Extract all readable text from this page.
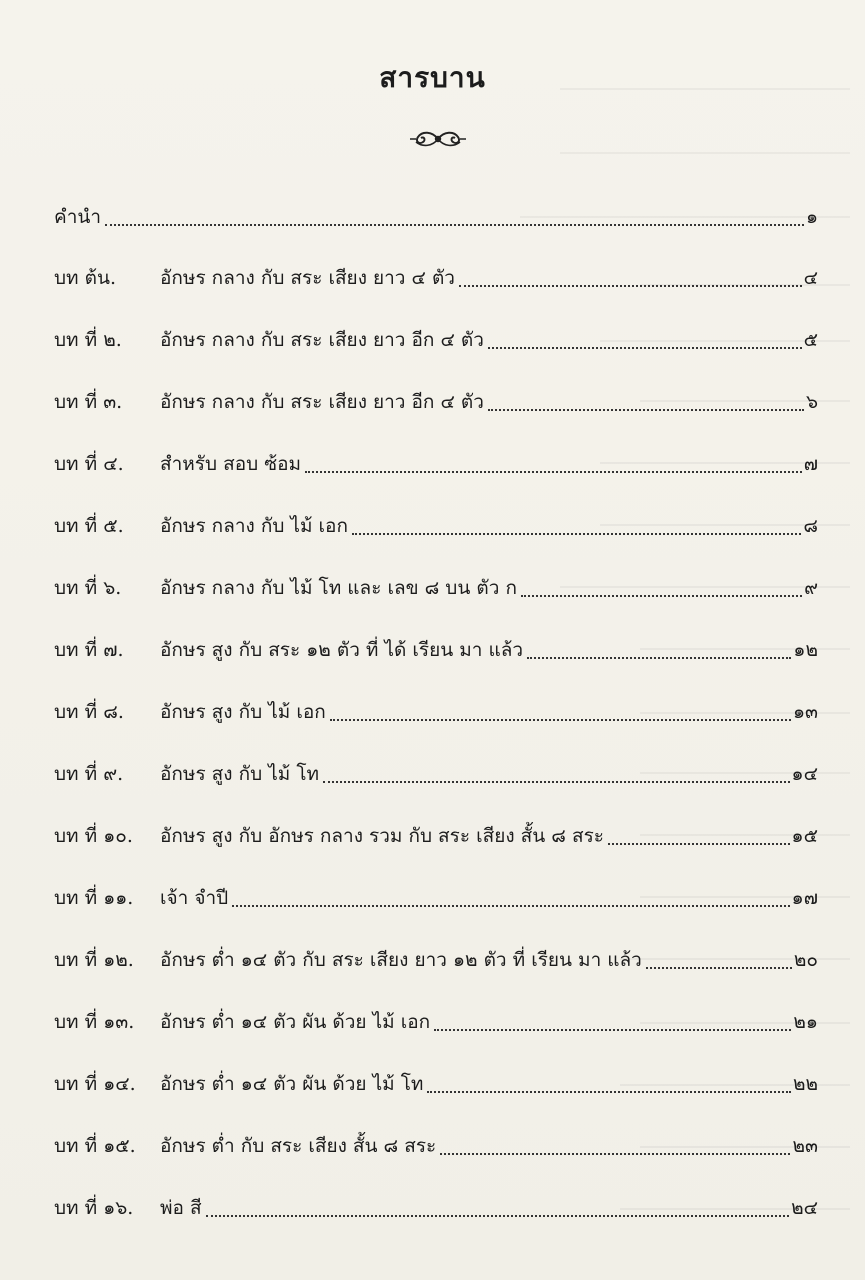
สารบาน
คำนำ	๑
บท ต้น.	อักษร กลาง กับ สระ เสียง ยาว ๔ ตัว	๔
บท ที่ ๒.	อักษร กลาง กับ สระ เสียง ยาว อีก ๔ ตัว	๕
บท ที่ ๓.	อักษร กลาง กับ สระ เสียง ยาว อีก ๔ ตัว	๖
บท ที่ ๔.	สำหรับ สอบ ซ้อม	๗
บท ที่ ๕.	อักษร กลาง กับ ไม้ เอก	๘
บท ที่ ๖.	อักษร กลาง กับ ไม้ โท และ เลข ๘ บน ตัว ก	๙
บท ที่ ๗.	อักษร สูง กับ สระ ๑๒ ตัว ที่ ได้ เรียน มา แล้ว	๑๒
บท ที่ ๘.	อักษร สูง กับ ไม้ เอก	๑๓
บท ที่ ๙.	อักษร สูง กับ ไม้ โท	๑๔
บท ที่ ๑๐.	อักษร สูง กับ อักษร กลาง รวม กับ สระ เสียง สั้น ๘ สระ	๑๕
บท ที่ ๑๑.	เจ้า จำปี	๑๗
บท ที่ ๑๒.	อักษร ต่ำ ๑๔ ตัว กับ สระ เสียง ยาว ๑๒ ตัว ที่ เรียน มา แล้ว	๒๐
บท ที่ ๑๓.	อักษร ต่ำ ๑๔ ตัว ผัน ด้วย ไม้ เอก	๒๑
บท ที่ ๑๔.	อักษร ต่ำ ๑๔ ตัว ผัน ด้วย ไม้ โท	๒๒
บท ที่ ๑๕.	อักษร ต่ำ กับ สระ เสียง สั้น ๘ สระ	๒๓
บท ที่ ๑๖.	พ่อ สี	๒๔
